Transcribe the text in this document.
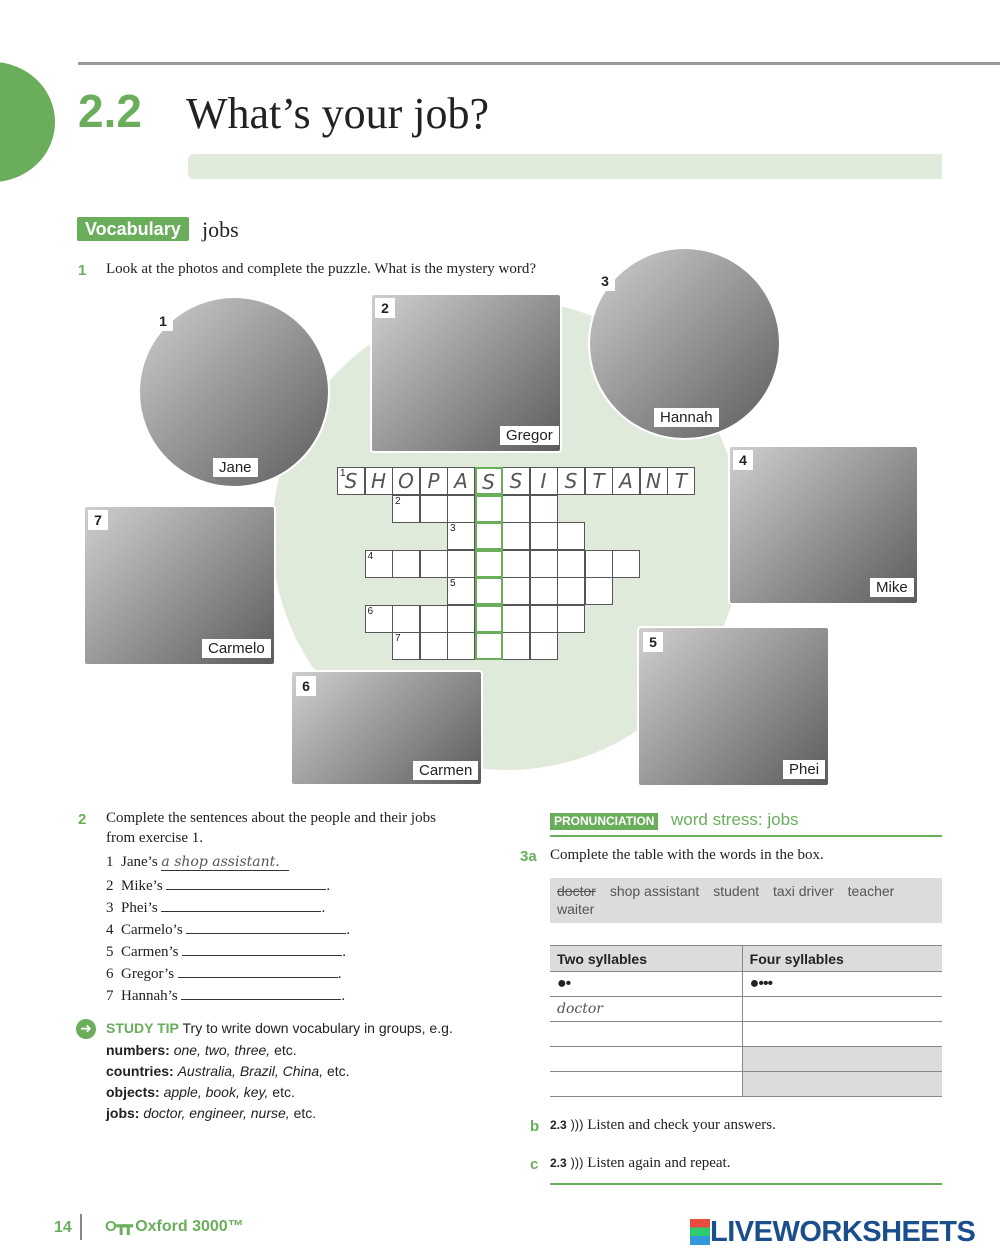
2.2 What’s your job?
Vocabulary jobs
1 Look at the photos and complete the puzzle. What is the mystery word?
1
Jane
2
Gregor
3
Hannah
4
Mike
5
Phei
6
Carmen
7
Carmelo
1 S H O P A S S I S T A N T
2
3
4
5
6
7
2 Complete the sentences about the people and their jobs
from exercise 1.
1 Jane’s a shop assistant.
2 Mike’s	.
3 Phei’s	.
4 Carmelo’s	.
5 Carmen’s	.
6 Gregor’s	.
7 Hannah’s	.
➜ STUDY TIP Try to write down vocabulary in groups, e.g.
numbers: one, two, three, etc.
countries: Australia, Brazil, China, etc.
objects: apple, book, key, etc.
jobs: doctor, engineer, nurse, etc.
PRONUNCIATION word stress: jobs
3a Complete the table with the words in the box.
doctor shop assistant student taxi driver teacher waiter
Two syllables	Four syllables
●•	●•••
doctor	

b 2.3 ))) Listen and check your answers.
c 2.3 ))) Listen again and repeat.
14 O┳┳ Oxford 3000™	LIVEWORKSHEETS
